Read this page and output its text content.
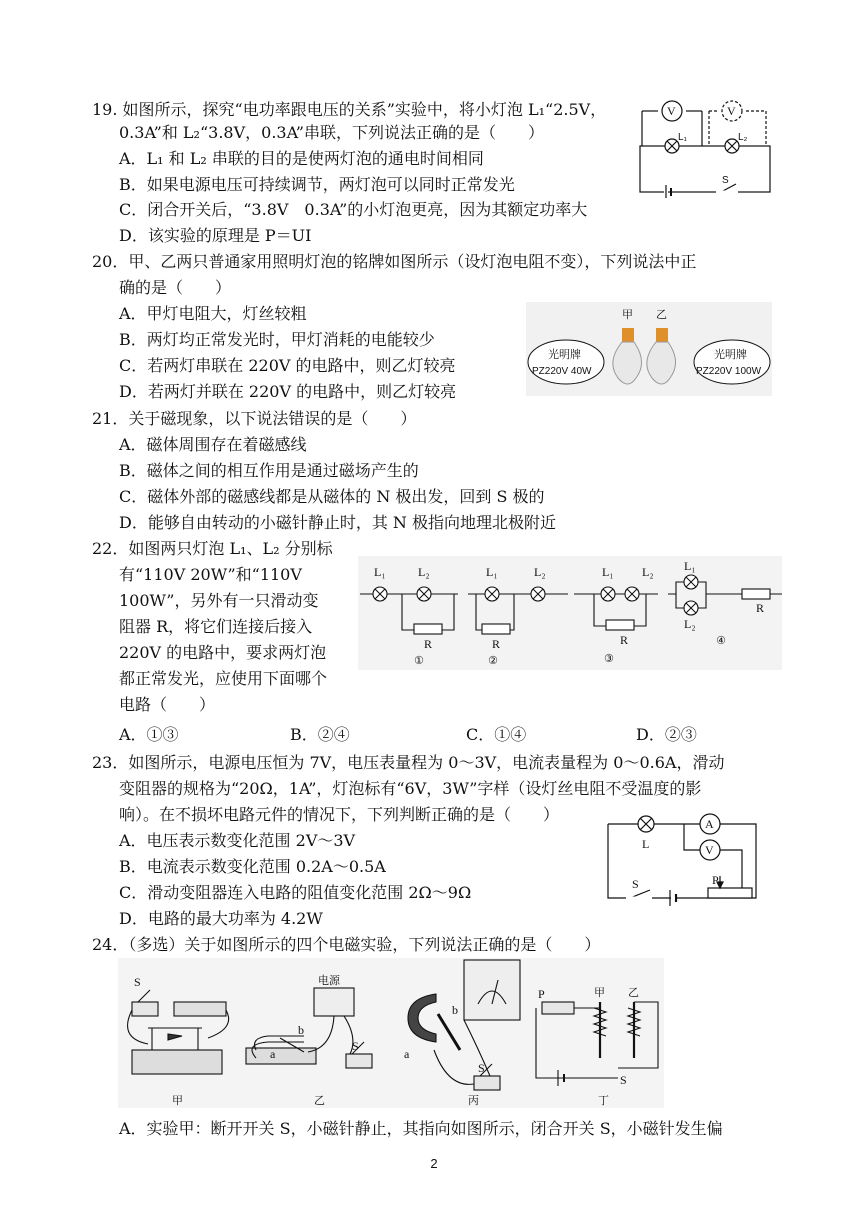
19. 如图所示，探究“电功率跟电压的关系”实验中，将小灯泡 L₁“2.5V，
0.3A”和 L₂“3.8V，0.3A”串联，下列说法正确的是（　　）
A．L₁ 和 L₂ 串联的目的是使两灯泡的通电时间相同
B．如果电源电压可持续调节，两灯泡可以同时正常发光
C．闭合开关后，“3.8V　0.3A”的小灯泡更亮，因为其额定功率大
D．该实验的原理是 P＝UI
V	V
L₁	L₂
S
20．甲、乙两只普通家用照明灯泡的铭牌如图所示（设灯泡电阻不变），下列说法中正
确的是（　　）
A．甲灯电阻大，灯丝较粗
B．两灯均正常发光时，甲灯消耗的电能较少
C．若两灯串联在 220V 的电路中，则乙灯较亮
D．若两灯并联在 220V 的电路中，则乙灯较亮
甲 乙
光明牌
PZ220V 40W
光明牌
PZ220V 100W
21．关于磁现象，以下说法错误的是（　　）
A．磁体周围存在着磁感线
B．磁体之间的相互作用是通过磁场产生的
C．磁体外部的磁感线都是从磁体的 N 极出发，回到 S 极的
D．能够自由转动的小磁针静止时，其 N 极指向地理北极附近
22．如图两只灯泡 L₁、L₂ 分别标
有“110V 20W”和“110V
100W”，另外有一只滑动变
阻器 R，将它们连接后接入
220V 的电路中，要求两灯泡
都正常发光，应使用下面哪个
电路（　　）
A．①③	B．②④	C．①④	D．②③
L₁	L₂
R
①
L₁	L₂
R
②
L₁ L₂
R
③
L₁
L₂
R
④
23．如图所示，电源电压恒为 7V，电压表量程为 0～3V，电流表量程为 0～0.6A，滑动
变阻器的规格为“20Ω，1A”，灯泡标有“6V，3W”字样（设灯丝电阻不受温度的影
响）。在不损坏电路元件的情况下，下列判断正确的是（　　）
A．电压表示数变化范围 2V～3V
B．电流表示数变化范围 0.2A～0.5A
C．滑动变阻器连入电路的阻值变化范围 2Ω～9Ω
D．电路的最大功率为 4.2W
A
V
L
S	P
24．（多选）关于如图所示的四个电磁实验，下列说法正确的是（　　）
S	电源
b
a
S
b
a
S
P	甲 乙
S
甲	乙	丙	丁
A．实验甲：断开开关 S，小磁针静止，其指向如图所示，闭合开关 S，小磁针发生偏
2
